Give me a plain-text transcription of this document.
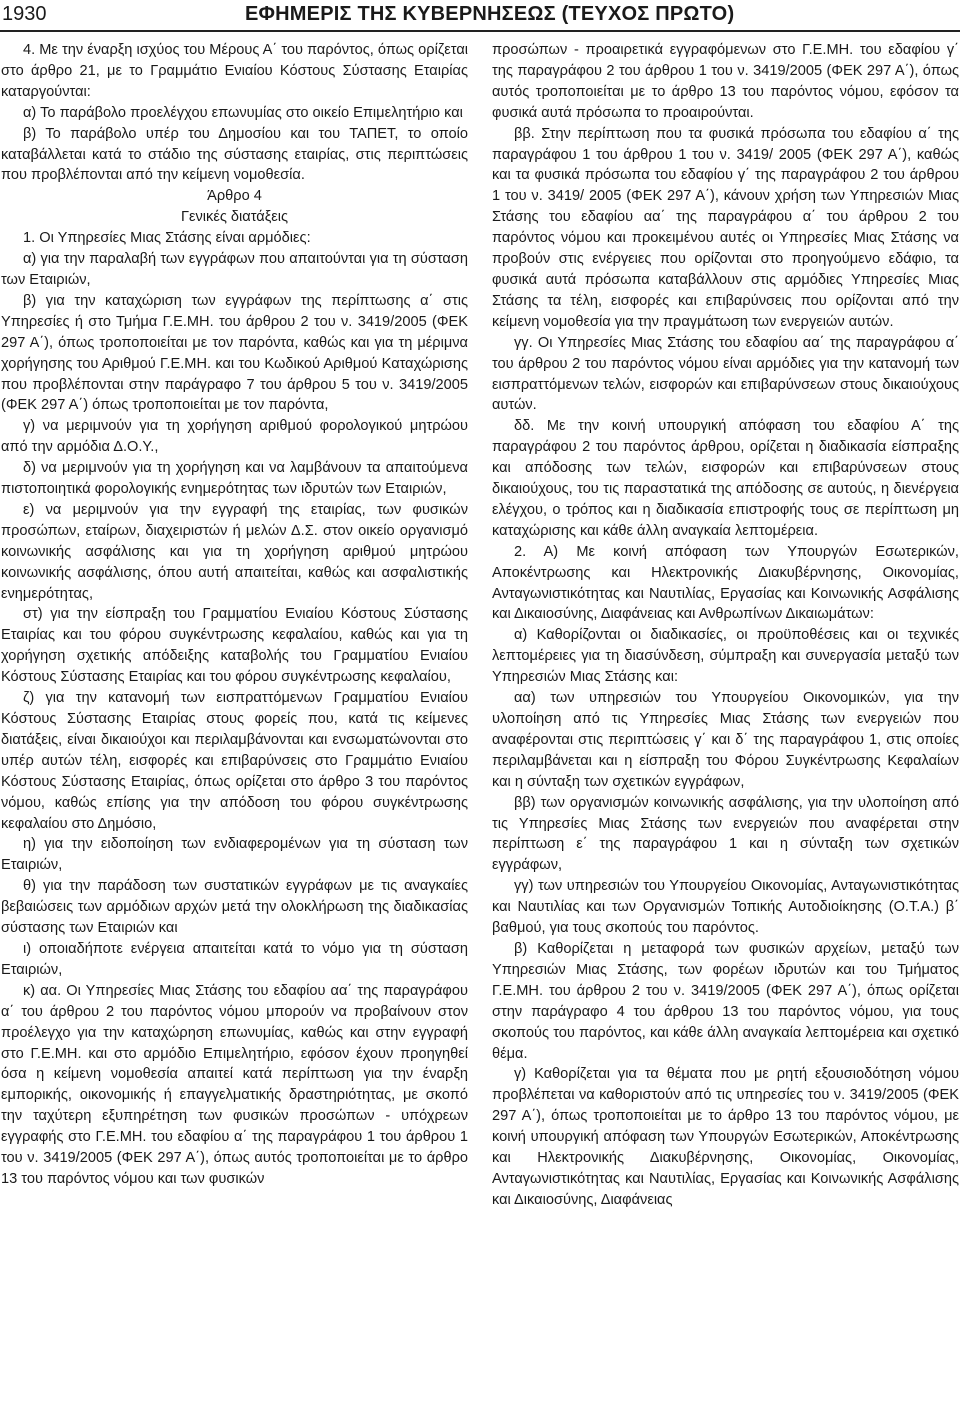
1930	ΕΦΗΜΕΡΙΣ ΤΗΣ ΚΥΒΕΡΝΗΣΕΩΣ (ΤΕΥΧΟΣ ΠΡΩΤΟ)

4. Με την έναρξη ισχύος του Μέρους Α΄ του παρόντος, όπως ορίζεται στο άρθρο 21, με το Γραμμάτιο Ενιαίου Κόστους Σύστασης Εταιρίας καταργούνται:

α) Το παράβολο προελέγχου επωνυμίας στο οικείο Επιμελητήριο και

β) Το παράβολο υπέρ του Δημοσίου και του ΤΑΠΕΤ, το οποίο καταβάλλεται κατά το στάδιο της σύστασης εταιρίας, στις περιπτώσεις που προβλέπονται από την κείμενη νομοθεσία.

Άρθρο 4

Γενικές διατάξεις

1. Οι Υπηρεσίες Μιας Στάσης είναι αρμόδιες:

α) για την παραλαβή των εγγράφων που απαιτούνται για τη σύσταση των Εταιριών,

β) για την καταχώριση των εγγράφων της περίπτωσης α΄ στις Υπηρεσίες ή στο Τμήμα Γ.Ε.ΜΗ. του άρθρου 2 του ν. 3419/2005 (ΦΕΚ 297 Α΄), όπως τροποποιείται με τον παρόντα, καθώς και για τη μέριμνα χορήγησης του Αριθμού Γ.Ε.ΜΗ. και του Κωδικού Αριθμού Καταχώρισης που προβλέπονται στην παράγραφο 7 του άρθρου 5 του ν. 3419/2005 (ΦΕΚ 297 Α΄) όπως τροποποιείται με τον παρόντα,

γ) να μεριμνούν για τη χορήγηση αριθμού φορολογικού μητρώου από την αρμόδια Δ.Ο.Υ.,

δ) να μεριμνούν για τη χορήγηση και να λαμβάνουν τα απαιτούμενα πιστοποιητικά φορολογικής ενημερότητας των ιδρυτών των Εταιριών,

ε) να μεριμνούν για την εγγραφή της εταιρίας, των φυσικών προσώπων, εταίρων, διαχειριστών ή μελών Δ.Σ. στον οικείο οργανισμό κοινωνικής ασφάλισης και για τη χορήγηση αριθμού μητρώου κοινωνικής ασφάλισης, όπου αυτή απαιτείται, καθώς και ασφαλιστικής ενημερότητας,

στ) για την είσπραξη του Γραμματίου Ενιαίου Κόστους Σύστασης Εταιρίας και του φόρου συγκέντρωσης κεφαλαίου, καθώς και για τη χορήγηση σχετικής απόδειξης καταβολής του Γραμματίου Ενιαίου Κόστους Σύστασης Εταιρίας και του φόρου συγκέντρωσης κεφαλαίου,

ζ) για την κατανομή των εισπραττόμενων Γραμματίου Ενιαίου Κόστους Σύστασης Εταιρίας στους φορείς που, κατά τις κείμενες διατάξεις, είναι δικαιούχοι και περιλαμβάνονται και ενσωματώνονται στο υπέρ αυτών τέλη, εισφορές και επιβαρύνσεις στο Γραμμάτιο Ενιαίου Κόστους Σύστασης Εταιρίας, όπως ορίζεται στο άρθρο 3 του παρόντος νόμου, καθώς επίσης για την απόδοση του φόρου συγκέντρωσης κεφαλαίου στο Δημόσιο,

η) για την ειδοποίηση των ενδιαφερομένων για τη σύσταση των Εταιριών,

θ) για την παράδοση των συστατικών εγγράφων με τις αναγκαίες βεβαιώσεις των αρμόδιων αρχών μετά την ολοκλήρωση της διαδικασίας σύστασης των Εταιριών και

ι) οποιαδήποτε ενέργεια απαιτείται κατά το νόμο για τη σύσταση Εταιριών,

κ) αα. Οι Υπηρεσίες Μιας Στάσης του εδαφίου αα΄ της παραγράφου α΄ του άρθρου 2 του παρόντος νόμου μπορούν να προβαίνουν στον προέλεγχο για την καταχώρηση επωνυμίας, καθώς και στην εγγραφή στο Γ.Ε.ΜΗ. και στο αρμόδιο Επιμελητήριο, εφόσον έχουν προηγηθεί όσα η κείμενη νομοθεσία απαιτεί κατά περίπτωση για την έναρξη εμπορικής, οικονομικής ή επαγγελματικής δραστηριότητας, με σκοπό την ταχύτερη εξυπηρέτηση των φυσικών προσώπων - υπόχρεων εγγραφής στο Γ.Ε.ΜΗ. του εδαφίου α΄ της παραγράφου 1 του άρθρου 1 του ν. 3419/2005 (ΦΕΚ 297 Α΄), όπως αυτός τροποποιείται με το άρθρο 13 του παρόντος νόμου και των φυσικών

προσώπων - προαιρετικά εγγραφόμενων στο Γ.Ε.ΜΗ. του εδαφίου γ΄ της παραγράφου 2 του άρθρου 1 του ν. 3419/2005 (ΦΕΚ 297 Α΄), όπως αυτός τροποποιείται με το άρθρο 13 του παρόντος νόμου, εφόσον τα φυσικά αυτά πρόσωπα το προαιρούνται.

ββ. Στην περίπτωση που τα φυσικά πρόσωπα του εδαφίου α΄ της παραγράφου 1 του άρθρου 1 του ν. 3419/ 2005 (ΦΕΚ 297 Α΄), καθώς και τα φυσικά πρόσωπα του εδαφίου γ΄ της παραγράφου 2 του άρθρου 1 του ν. 3419/ 2005 (ΦΕΚ 297 Α΄), κάνουν χρήση των Υπηρεσιών Μιας Στάσης του εδαφίου αα΄ της παραγράφου α΄ του άρθρου 2 του παρόντος νόμου και προκειμένου αυτές οι Υπηρεσίες Μιας Στάσης να προβούν στις ενέργειες που ορίζονται στο προηγούμενο εδάφιο, τα φυσικά αυτά πρόσωπα καταβάλλουν στις αρμόδιες Υπηρεσίες Μιας Στάσης τα τέλη, εισφορές και επιβαρύνσεις που ορίζονται από την κείμενη νομοθεσία για την πραγμάτωση των ενεργειών αυτών.

γγ. Οι Υπηρεσίες Μιας Στάσης του εδαφίου αα΄ της παραγράφου α΄ του άρθρου 2 του παρόντος νόμου είναι αρμόδιες για την κατανομή των εισπραττόμενων τελών, εισφορών και επιβαρύνσεων στους δικαιούχους αυτών.

δδ. Με την κοινή υπουργική απόφαση του εδαφίου Α΄ της παραγράφου 2 του παρόντος άρθρου, ορίζεται η διαδικασία είσπραξης και απόδοσης των τελών, εισφορών και επιβαρύνσεων στους δικαιούχους, του τις παραστατικά της απόδοσης σε αυτούς, η διενέργεια ελέγχου, ο τρόπος και η διαδικασία επιστροφής τους σε περίπτωση μη καταχώρισης και κάθε άλλη αναγκαία λεπτομέρεια.

2. Α) Με κοινή απόφαση των Υπουργών Εσωτερικών, Αποκέντρωσης και Ηλεκτρονικής Διακυβέρνησης, Οικονομίας, Ανταγωνιστικότητας και Ναυτιλίας, Εργασίας και Κοινωνικής Ασφάλισης και Δικαιοσύνης, Διαφάνειας και Ανθρωπίνων Δικαιωμάτων:

α) Καθορίζονται οι διαδικασίες, οι προϋποθέσεις και οι τεχνικές λεπτομέρειες για τη διασύνδεση, σύμπραξη και συνεργασία μεταξύ των Υπηρεσιών Μιας Στάσης και:

αα) των υπηρεσιών του Υπουργείου Οικονομικών, για την υλοποίηση από τις Υπηρεσίες Μιας Στάσης των ενεργειών που αναφέρονται στις περιπτώσεις γ΄ και δ΄ της παραγράφου 1, στις οποίες περιλαμβάνεται και η είσπραξη του Φόρου Συγκέντρωσης Κεφαλαίων και η σύνταξη των σχετικών εγγράφων,

ββ) των οργανισμών κοινωνικής ασφάλισης, για την υλοποίηση από τις Υπηρεσίες Μιας Στάσης των ενεργειών που αναφέρεται στην περίπτωση ε΄ της παραγράφου 1 και η σύνταξη των σχετικών εγγράφων,

γγ) των υπηρεσιών του Υπουργείου Οικονομίας, Ανταγωνιστικότητας και Ναυτιλίας και των Οργανισμών Τοπικής Αυτοδιοίκησης (Ο.Τ.Α.) β΄ βαθμού, για τους σκοπούς του παρόντος.

β) Καθορίζεται η μεταφορά των φυσικών αρχείων, μεταξύ των Υπηρεσιών Μιας Στάσης, των φορέων ιδρυτών και του Τμήματος Γ.Ε.ΜΗ. του άρθρου 2 του ν. 3419/2005 (ΦΕΚ 297 Α΄), όπως ορίζεται στην παράγραφο 4 του άρθρου 13 του παρόντος νόμου, για τους σκοπούς του παρόντος, και κάθε άλλη αναγκαία λεπτομέρεια και σχετικό θέμα.

γ) Καθορίζεται για τα θέματα που με ρητή εξουσιοδότηση νόμου προβλέπεται να καθοριστούν από τις υπηρεσίες του ν. 3419/2005 (ΦΕΚ 297 Α΄), όπως τροποποιείται με το άρθρο 13 του παρόντος νόμου, με κοινή υπουργική απόφαση των Υπουργών Εσωτερικών, Αποκέντρωσης και Ηλεκτρονικής Διακυβέρνησης, Οικονομίας, Οικονομίας, Ανταγωνιστικότητας και Ναυτιλίας, Εργασίας και Κοινωνικής Ασφάλισης και Δικαιοσύνης, Διαφάνειας
